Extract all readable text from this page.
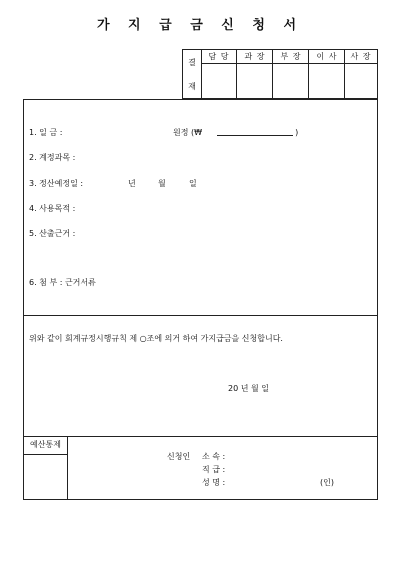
가 지 급 금 신 청 서
결
재
담 당	과 장	부 장	이 사	사 장
1. 일 금 :	원정 (₩	)
2. 계정과목 :
3. 정산예정일 :	년	월	일
4. 사용목적 :
5. 산출근거 :
6. 첨 부 : 근거서류
위와 같이 회계규정시행규칙 제 ○조에 의거 하여 가지급금을 신청합니다.
20 년 월 일
예산통제
신청인 소 속 :
직 급 :
성 명 :	(인)
